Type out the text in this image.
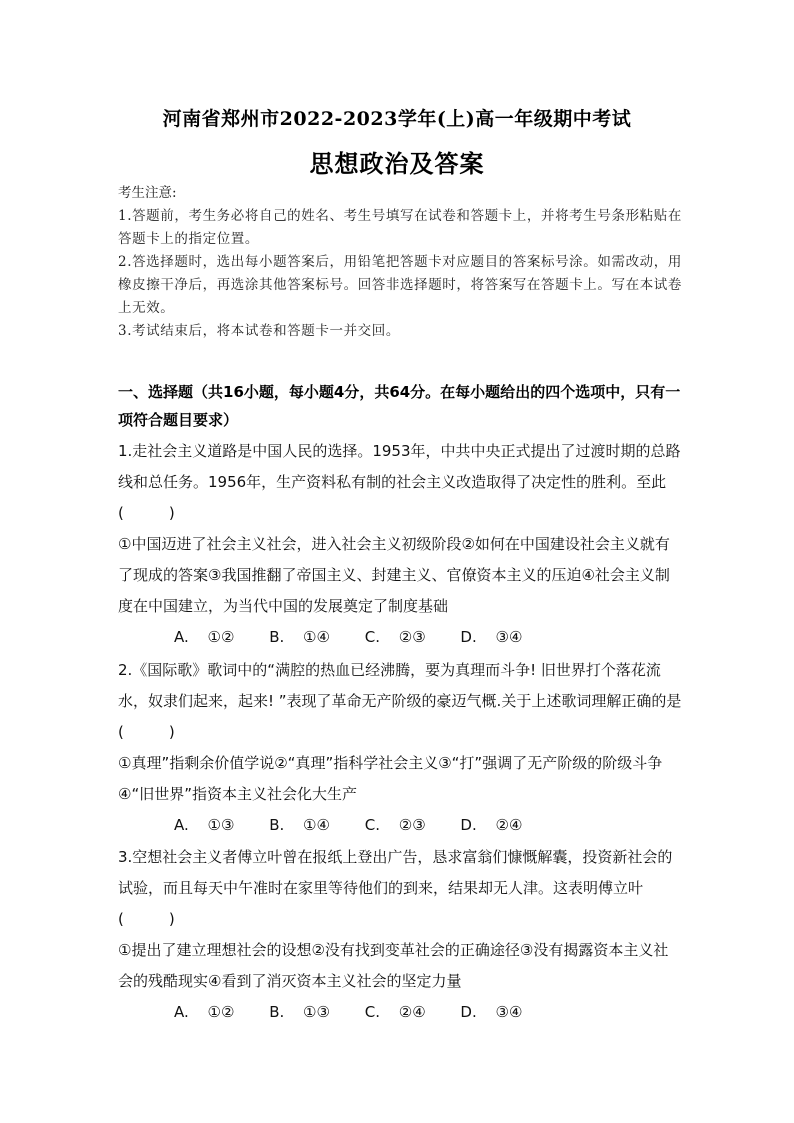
河南省郑州市2022-2023学年(上)高一年级期中考试
思想政治及答案
考生注意:

1.答题前，考生务必将自己的姓名、考生号填写在试卷和答题卡上，并将考生号条形粘贴在答题卡上的指定位置。

2.答选择题时，选出每小题答案后，用铅笔把答题卡对应题目的答案标号涂。如需改动，用橡皮擦干净后，再选涂其他答案标号。回答非选择题时，将答案写在答题卡上。写在本试卷上无效。

3.考试结束后，将本试卷和答题卡一并交回。

一、选择题（共16小题，每小题4分，共64分。在每小题给出的四个选项中，只有一项符合题目要求）

1.走社会主义道路是中国人民的选择。1953年，中共中央正式提出了过渡时期的总路线和总任务。1956年，生产资料私有制的社会主义改造取得了决定性的胜利。至此(　　　)

①中国迈进了社会主义社会，进入社会主义初级阶段②如何在中国建设社会主义就有了现成的答案③我国推翻了帝国主义、封建主义、官僚资本主义的压迫④社会主义制度在中国建立，为当代中国的发展奠定了制度基础

A. ①② B. ①④ C. ②③ D. ③④

2.《国际歌》歌词中的“满腔的热血已经沸腾，要为真理而斗争! 旧世界打个落花流水，奴隶们起来，起来! ”表现了革命无产阶级的豪迈气概.关于上述歌词理解正确的是(　　　)

①真理”指剩余价值学说②“真理”指科学社会主义③“打”强调了无产阶级的阶级斗争④“旧世界”指资本主义社会化大生产

A. ①③ B. ①④ C. ②③ D. ②④

3.空想社会主义者傅立叶曾在报纸上登出广告，恳求富翁们慷慨解囊，投资新社会的试验，而且每天中午准时在家里等待他们的到来，结果却无人津。这表明傅立叶(　　　)

①提出了建立理想社会的设想②没有找到变革社会的正确途径③没有揭露资本主义社会的残酷现实④看到了消灭资本主义社会的坚定力量

A. ①② B. ①③ C. ②④ D. ③④
